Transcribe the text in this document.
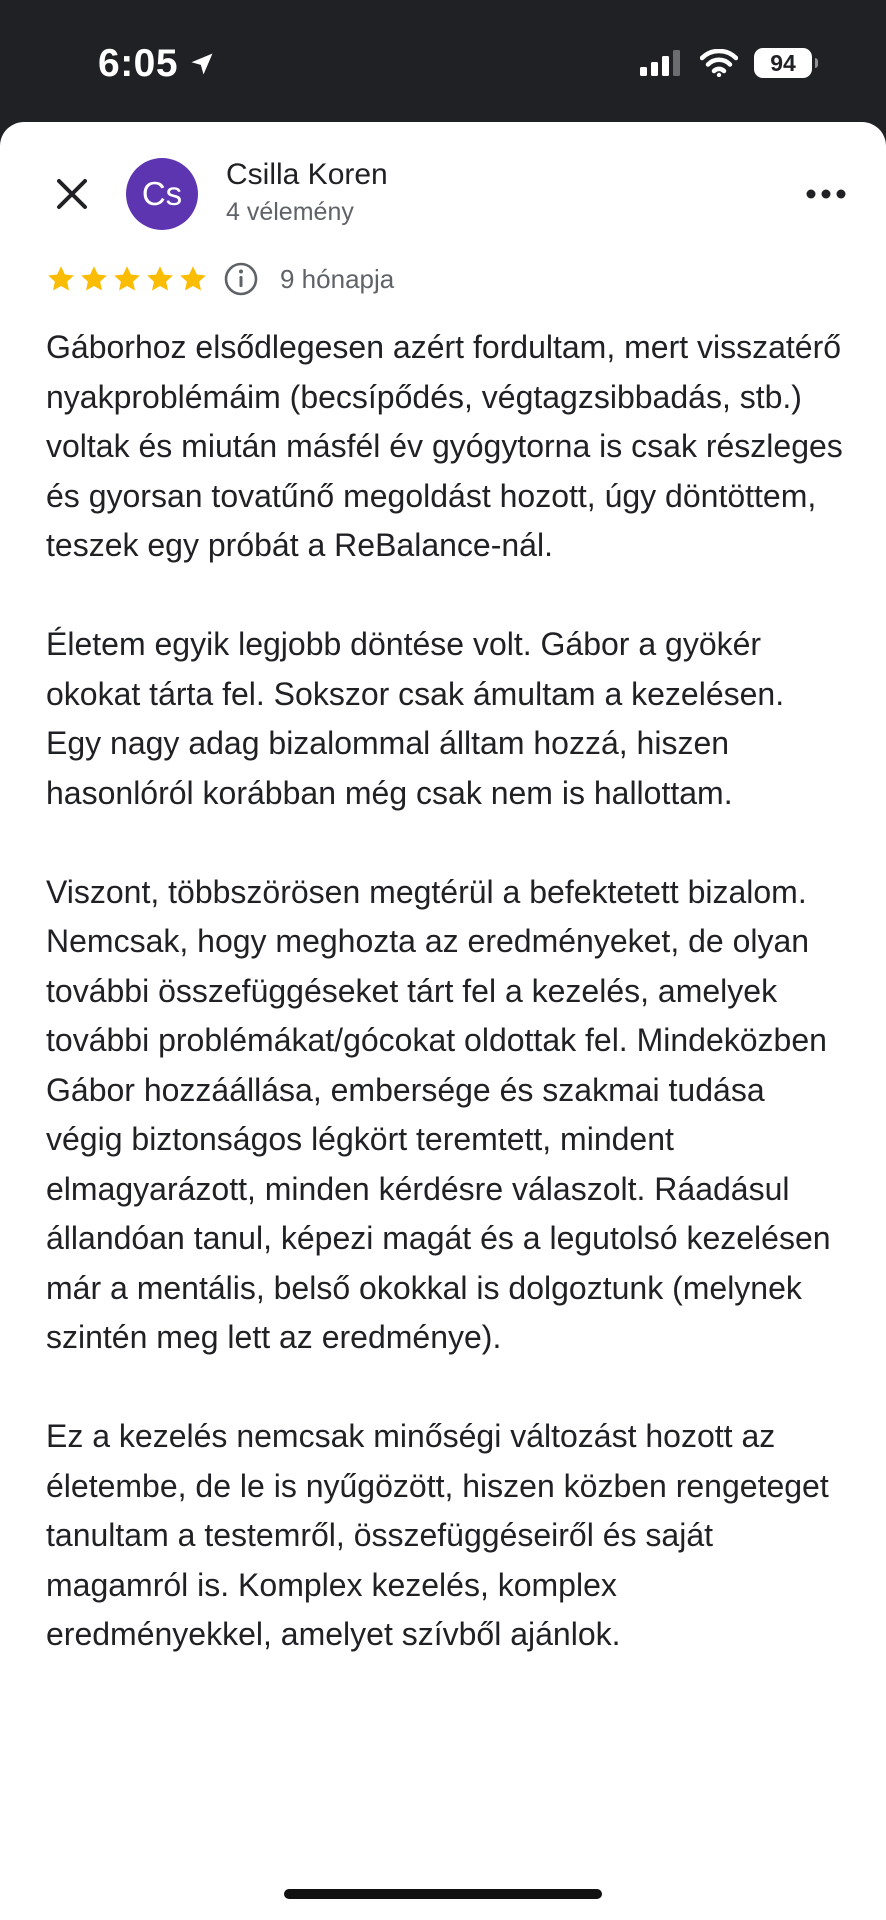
6:05	94
Cs
Csilla Koren
4 vélemény
9 hónapja

Gáborhoz elsődlegesen azért fordultam, mert visszatérő nyakproblémáim (becsípődés, végtagzsibbadás, stb.) voltak és miután másfél év gyógytorna is csak részleges és gyorsan tovatűnő megoldást hozott, úgy döntöttem, teszek egy próbát a ReBalance-nál.

Életem egyik legjobb döntése volt. Gábor a gyökér okokat tárta fel. Sokszor csak ámultam a kezelésen. Egy nagy adag bizalommal álltam hozzá, hiszen hasonlóról korábban még csak nem is hallottam.

Viszont, többszörösen megtérül a befektetett bizalom. Nemcsak, hogy meghozta az eredményeket, de olyan további összefüggéseket tárt fel a kezelés, amelyek további problémákat/gócokat oldottak fel. Mindeközben Gábor hozzáállása, embersége és szakmai tudása végig biztonságos légkört teremtett, mindent elmagyarázott, minden kérdésre válaszolt. Ráadásul állandóan tanul, képezi magát és a legutolsó kezelésen már a mentális, belső okokkal is dolgoztunk (melynek szintén meg lett az eredménye).

Ez a kezelés nemcsak minőségi változást hozott az életembe, de le is nyűgözött, hiszen közben rengeteget tanultam a testemről, összefüggéseiről és saját magamról is. Komplex kezelés, komplex eredményekkel, amelyet szívből ajánlok.
